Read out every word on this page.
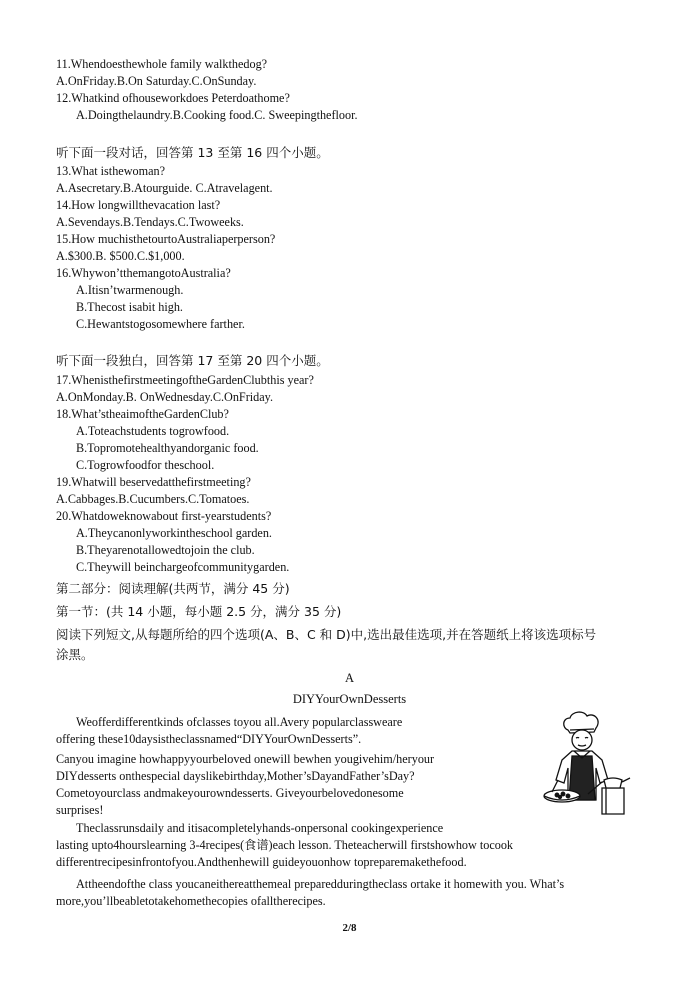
11.Whendoesthewhole family walkthedog?
A.OnFriday.B.On Saturday.C.OnSunday.
12.Whatkind ofhouseworkdoes Peterdoathome?
A.Doingthelaundry.B.Cooking food.C. Sweepingthefloor.
听下面一段对话，回答第 13 至第 16 四个小题。
13.What isthewoman?
A.Asecretary.B.Atourguide. C.Atravelagent.
14.How longwillthevacation last?
A.Sevendays.B.Tendays.C.Twoweeks.
15.How muchisthetourtoAustraliaperperson?
A.$300.B. $500.C.$1,000.
16.Whywon’tthemangotoAustralia?
A.Itisn’twarmenough.
B.Thecost isabit high.
C.Hewantstogosomewhere farther.
听下面一段独白，回答第 17 至第 20 四个小题。
17.WhenisthefirstmeetingoftheGardenClubthis year?
A.OnMonday.B. OnWednesday.C.OnFriday.
18.What’stheaimoftheGardenClub?
A.Toteachstudents togrowfood.
B.Topromotehealthyandorganic food.
C.Togrowfoodfor theschool.
19.Whatwill beservedatthefirstmeeting?
A.Cabbages.B.Cucumbers.C.Tomatoes.
20.Whatdoweknowabout first-yearstudents?
A.Theycanonlyworkintheschool garden.
B.Theyarenotallowedtojoin the club.
C.Theywill beinchargeofcommunitygarden.
第二部分：阅读理解(共两节，满分 45 分)
第一节：(共 14 小题，每小题 2.5 分，满分 35 分)
阅读下列短文,从每题所给的四个选项(A、B、C 和 D)中,选出最佳选项,并在答题纸上将该选项标号
涂黑。
A
DIYYourOwnDesserts
Weofferdifferentkinds ofclasses toyou all.Avery popularclassweare
offering these10daysistheclassnamed“DIYYourOwnDesserts”.
Canyou imagine howhappyyourbeloved onewill bewhen yougivehim/heryour
DIYdesserts onthespecial dayslikebirthday,Mother’sDayandFather’sDay?
Cometoyourclass andmakeyourowndesserts. Giveyourbelovedonesome
surprises!
Theclassrunsdaily and itisacompletelyhands-onpersonal cookingexperience
lasting upto4hourslearning 3-4recipes(食谱)each lesson. Theteacherwill firstshowhow tocook
differentrecipesinfrontofyou.Andthenhewill guideyouonhow topreparemakethefood.
Attheendofthe class youcaneithereatthemeal preparedduringtheclass ortake it homewith you. What’s
more,you’llbeabletotakehomethecopies ofalltherecipes.
2/8
